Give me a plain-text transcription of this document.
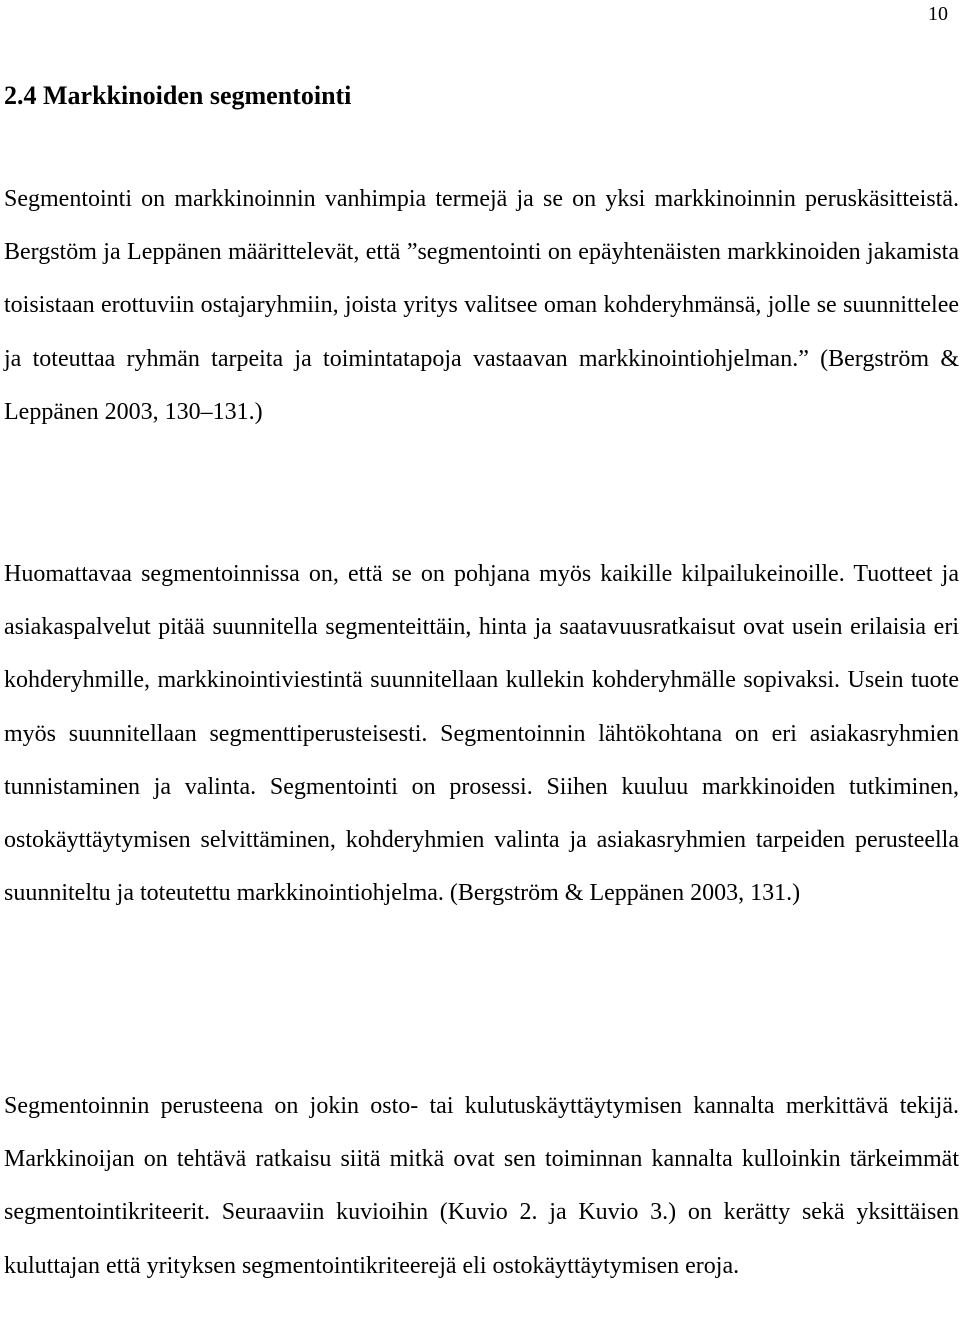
10
2.4 Markkinoiden segmentointi

Segmentointi on markkinoinnin vanhimpia termejä ja se on yksi markkinoinnin peruskäsitteistä. Bergstöm ja Leppänen määrittelevät, että ”segmentointi on epäyhtenäisten markkinoiden jakamista toisistaan erottuviin ostajaryhmiin, joista yritys valitsee oman kohderyhmänsä, jolle se suunnittelee ja toteuttaa ryhmän tarpeita ja toimintatapoja vastaavan markkinointiohjelman.” (Bergström & Leppänen 2003, 130–131.)

Huomattavaa segmentoinnissa on, että se on pohjana myös kaikille kilpailukeinoille. Tuotteet ja asiakaspalvelut pitää suunnitella segmenteittäin, hinta ja saatavuusratkaisut ovat usein erilaisia eri kohderyhmille, markkinointiviestintä suunnitellaan kullekin kohderyhmälle sopivaksi. Usein tuote myös suunnitellaan segmenttiperusteisesti. Segmentoinnin lähtökohtana on eri asiakasryhmien tunnistaminen ja valinta. Segmentointi on prosessi. Siihen kuuluu markkinoiden tutkiminen, ostokäyttäytymisen selvittäminen, kohderyhmien valinta ja asiakasryhmien tarpeiden perusteella suunniteltu ja toteutettu markkinointiohjelma. (Bergström & Leppänen 2003, 131.)

Segmentoinnin perusteena on jokin osto- tai kulutuskäyttäytymisen kannalta merkittävä tekijä. Markkinoijan on tehtävä ratkaisu siitä mitkä ovat sen toiminnan kannalta kulloinkin tärkeimmät segmentointikriteerit. Seuraaviin kuvioihin (Kuvio 2. ja Kuvio 3.) on kerätty sekä yksittäisen kuluttajan että yrityksen segmentointikriteerejä eli ostokäyttäytymisen eroja.
